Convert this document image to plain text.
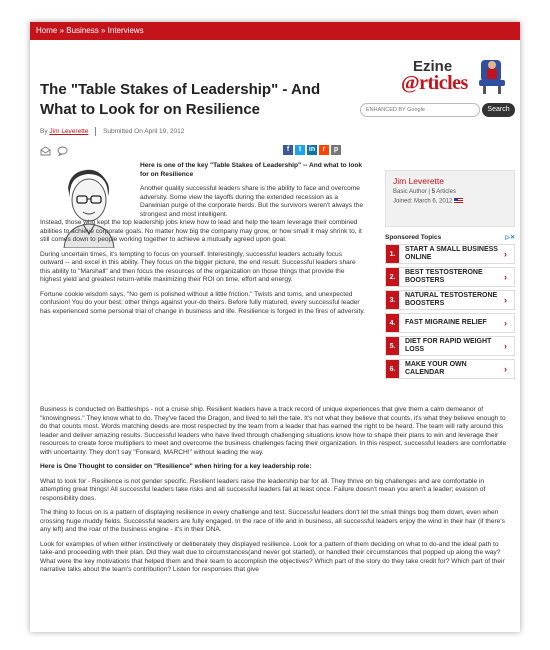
Home » Business » Interviews
The "Table Stakes of Leadership" - And What to Look for on Resilience
Ezine
@rticles
ENHANCED BY Google
Search
By Jim Leverette Submitted On April 19, 2012
f	t	in	r	p

Here is one of the key "Table Stakes of Leadership" -- And what to look for on Resilience

Another quality successful leaders share is the ability to face and overcome adversity. Some view the layoffs during the extended recession as a Darwinian purge of the corporate herds. But the survivors weren't always the strongest and most intelligent.

Instead, those who kept the top leadership jobs knew how to lead and help the team leverage their combined abilities to achieve corporate goals. No matter how big the company may grow, or how small it may shrink to, it still comes down to people working together to achieve a mutually agreed upon goal.

During uncertain times, it's tempting to focus on yourself. Interestingly, successful leaders actually focus outward -- and excel in this ability. They focus on the bigger picture, the end result. Successful leaders share this ability to "Marshall" and then focus the resources of the organization on those things that provide the highest yield and greatest return-while maximizing their ROI on time, effort and energy.

Fortune cookie wisdom says, "No gem is polished without a little friction." Twists and turns, and unexpected confusion! You do your best; other things against your-do theirs. Before fully matured, every successful leader has experienced some personal trial of change in business and life. Resilience is forged in the fires of adversity.

Business is conducted on Battleships - not a cruise ship. Resilient leaders have a track record of unique experiences that give them a calm demeanor of "knowingness." They know what to do. They've faced the Dragon, and lived to tell the tale. It's not what they believe that counts, it's what they believe enough to do that counts most. Words matching deeds are most respected by the team from a leader that has earned the right to be heard. The team will rally around this leader and deliver amazing results. Successful leaders who have lived through challenging situations know how to shape their plans to win and leverage their resources to create force multipliers to meet and overcome the business challenges facing their organization. In this respect, successful leaders are comfortable with uncertainty. They don't say "Forward, MARCH!" without leading the way.

Here is One Thought to consider on "Resilience" when hiring for a key leadership role:

What to look for - Resilience is not gender specific. Resilient leaders raise the leadership bar for all. They thrive on big challenges and are comfortable in attempting great things! All successful leaders take risks and all successful leaders fail at least once. Failure doesn't mean you aren't a leader; evasion of responsibility does.

The thing to focus on is a pattern of displaying resilience in every challenge and test. Successful leaders don't let the small things bog them down, even when crossing huge muddy fields. Successful leaders are fully engaged. In the race of life and in business, all successful leaders enjoy the wind in their hair (if there's any left) and the roar of the business engine - it's in their DNA.

Look for examples of when either instinctively or deliberately they displayed resilience. Look for a pattern of them deciding on what to do-and the ideal path to take-and proceeding with their plan. Did they wait due to circumstances(and never got started), or handled their circumstances that popped up along the way? What were the key motivations that helped them and their team to accomplish the objectives? Which part of the story do they take credit for? Which part of their narrative talks about the team's contribution? Listen for responses that give

Jim Leverette
Basic Author | 5 Articles
Joined: March 6, 2012
Sponsored Topics	▷✕
1.
START A SMALL BUSINESS ONLINE	›
2.
BEST TESTOSTERONE BOOSTERS	›
3.
NATURAL TESTOSTERONE BOOSTERS	›
4.	FAST MIGRAINE RELIEF	›
5.
DIET FOR RAPID WEIGHT LOSS	›
6.
MAKE YOUR OWN CALENDAR	›
